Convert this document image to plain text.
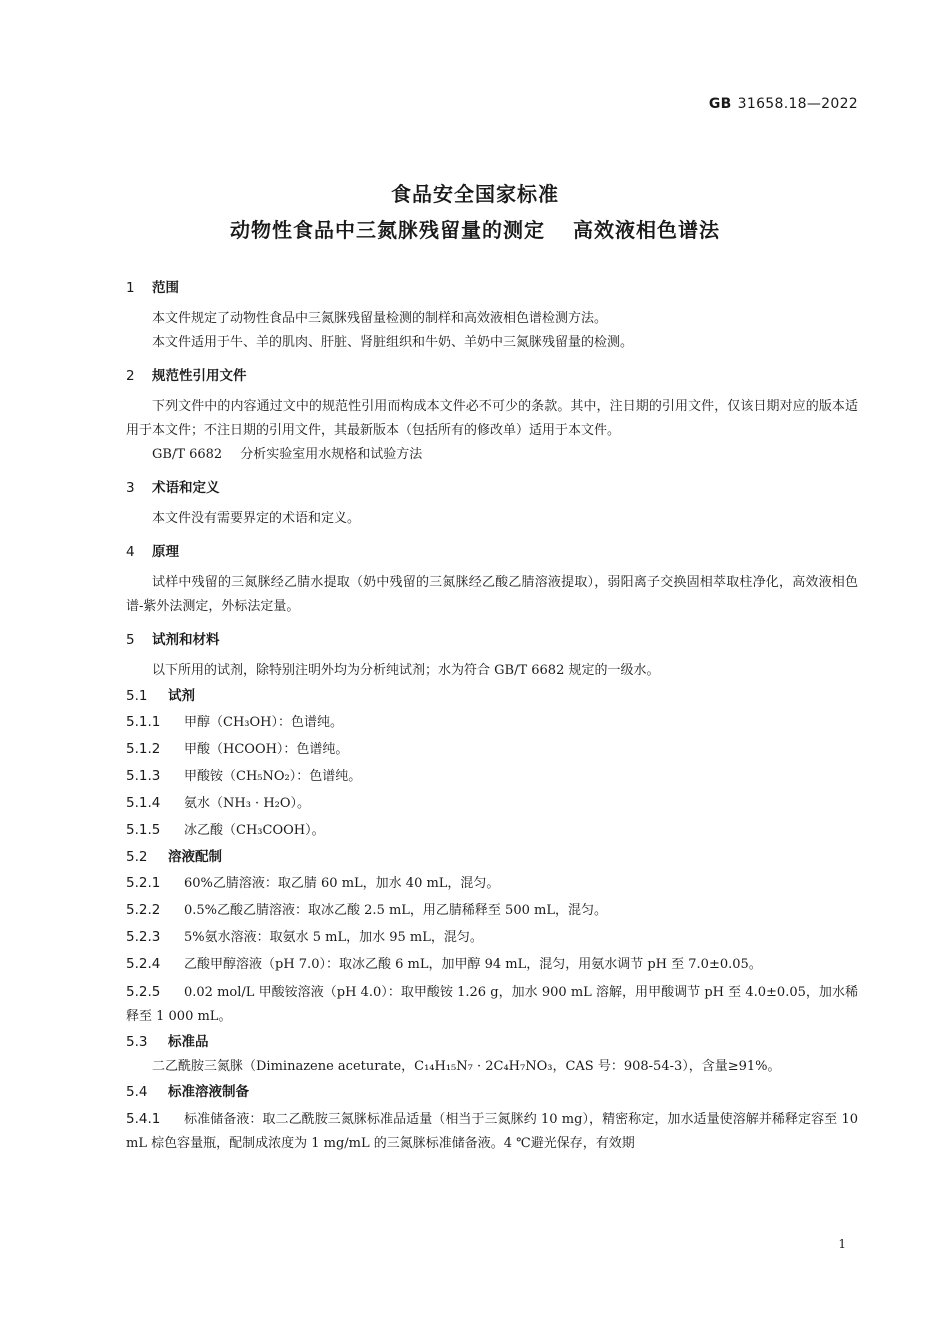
GB 31658.18—2022
食品安全国家标准
动物性食品中三氮脒残留量的测定 高效液相色谱法
1 范围
本文件规定了动物性食品中三氮脒残留量检测的制样和高效液相色谱检测方法。
本文件适用于牛、羊的肌肉、肝脏、肾脏组织和牛奶、羊奶中三氮脒残留量的检测。
2 规范性引用文件
下列文件中的内容通过文中的规范性引用而构成本文件必不可少的条款。其中，注日期的引用文件，仅该日期对应的版本适用于本文件；不注日期的引用文件，其最新版本（包括所有的修改单）适用于本文件。
GB/T 6682 分析实验室用水规格和试验方法
3 术语和定义
本文件没有需要界定的术语和定义。
4 原理
试样中残留的三氮脒经乙腈水提取（奶中残留的三氮脒经乙酸乙腈溶液提取），弱阳离子交换固相萃取柱净化，高效液相色谱-紫外法测定，外标法定量。
5 试剂和材料
以下所用的试剂，除特别注明外均为分析纯试剂；水为符合 GB/T 6682 规定的一级水。
5.1 试剂
5.1.1 甲醇（CH₃OH）：色谱纯。
5.1.2 甲酸（HCOOH）：色谱纯。
5.1.3 甲酸铵（CH₅NO₂）：色谱纯。
5.1.4 氨水（NH₃ · H₂O）。
5.1.5 冰乙酸（CH₃COOH）。
5.2 溶液配制
5.2.1 60%乙腈溶液：取乙腈 60 mL，加水 40 mL，混匀。
5.2.2 0.5%乙酸乙腈溶液：取冰乙酸 2.5 mL，用乙腈稀释至 500 mL，混匀。
5.2.3 5%氨水溶液：取氨水 5 mL，加水 95 mL，混匀。
5.2.4 乙酸甲醇溶液（pH 7.0）：取冰乙酸 6 mL，加甲醇 94 mL，混匀，用氨水调节 pH 至 7.0±0.05。
5.2.5 0.02 mol/L 甲酸铵溶液（pH 4.0）：取甲酸铵 1.26 g，加水 900 mL 溶解，用甲酸调节 pH 至 4.0±0.05，加水稀释至 1 000 mL。
5.3 标准品
二乙酰胺三氮脒（Diminazene aceturate，C₁₄H₁₅N₇ · 2C₄H₇NO₃，CAS 号：908-54-3），含量≥91%。
5.4 标准溶液制备
5.4.1 标准储备液：取二乙酰胺三氮脒标准品适量（相当于三氮脒约 10 mg），精密称定，加水适量使溶解并稀释定容至 10 mL 棕色容量瓶，配制成浓度为 1 mg/mL 的三氮脒标准储备液。4 ℃避光保存，有效期
1
